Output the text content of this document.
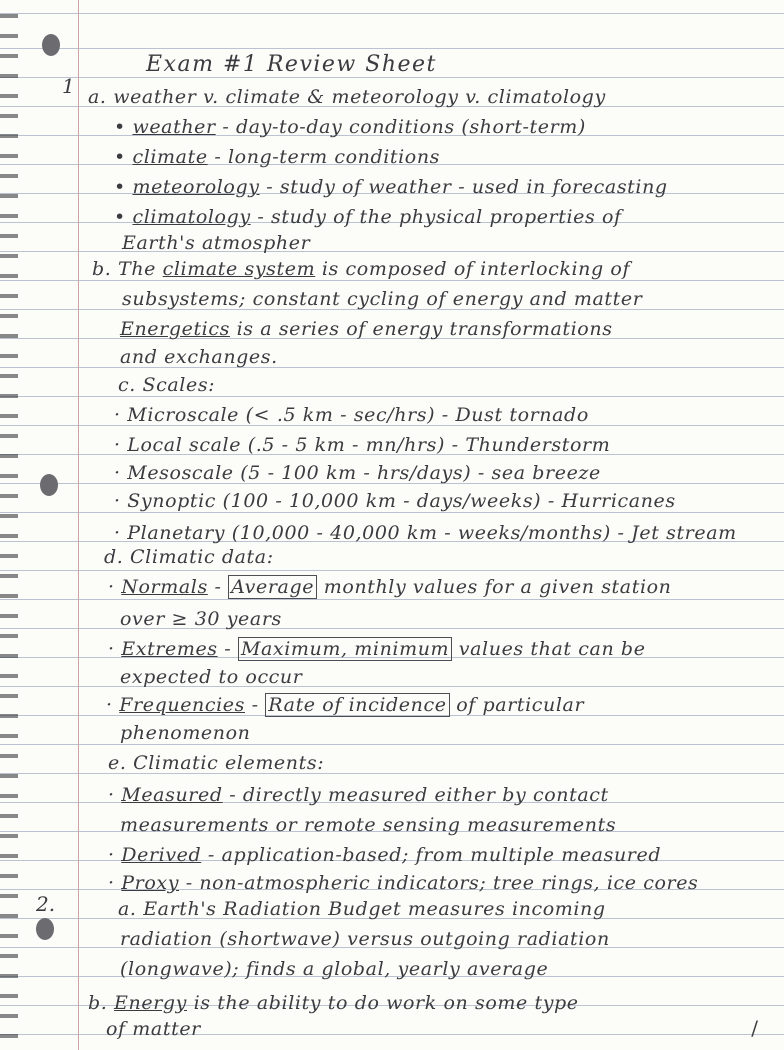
Exam #1 Review Sheet
1
2.
a. weather v. climate & meteorology v. climatology
• weather - day-to-day conditions (short-term)
• climate - long-term conditions
• meteorology - study of weather - used in forecasting
• climatology - study of the physical properties of
Earth's atmospher
b. The climate system is composed of interlocking of
subsystems; constant cycling of energy and matter
Energetics is a series of energy transformations
and exchanges.
c. Scales:
· Microscale (< .5 km - sec/hrs) - Dust tornado
· Local scale (.5 - 5 km - mn/hrs) - Thunderstorm
· Mesoscale (5 - 100 km - hrs/days) - sea breeze
· Synoptic (100 - 10,000 km - days/weeks) - Hurricanes
· Planetary (10,000 - 40,000 km - weeks/months) - Jet stream
d. Climatic data:
· Normals - Average monthly values for a given station
over ≥ 30 years
· Extremes - Maximum, minimum values that can be
expected to occur
· Frequencies - Rate of incidence of particular
phenomenon
e. Climatic elements:
· Measured - directly measured either by contact
measurements or remote sensing measurements
· Derived - application-based; from multiple measured
· Proxy - non-atmospheric indicators; tree rings, ice cores
a. Earth's Radiation Budget measures incoming
radiation (shortwave) versus outgoing radiation
(longwave); finds a global, yearly average
b. Energy is the ability to do work on some type
of matter	/
